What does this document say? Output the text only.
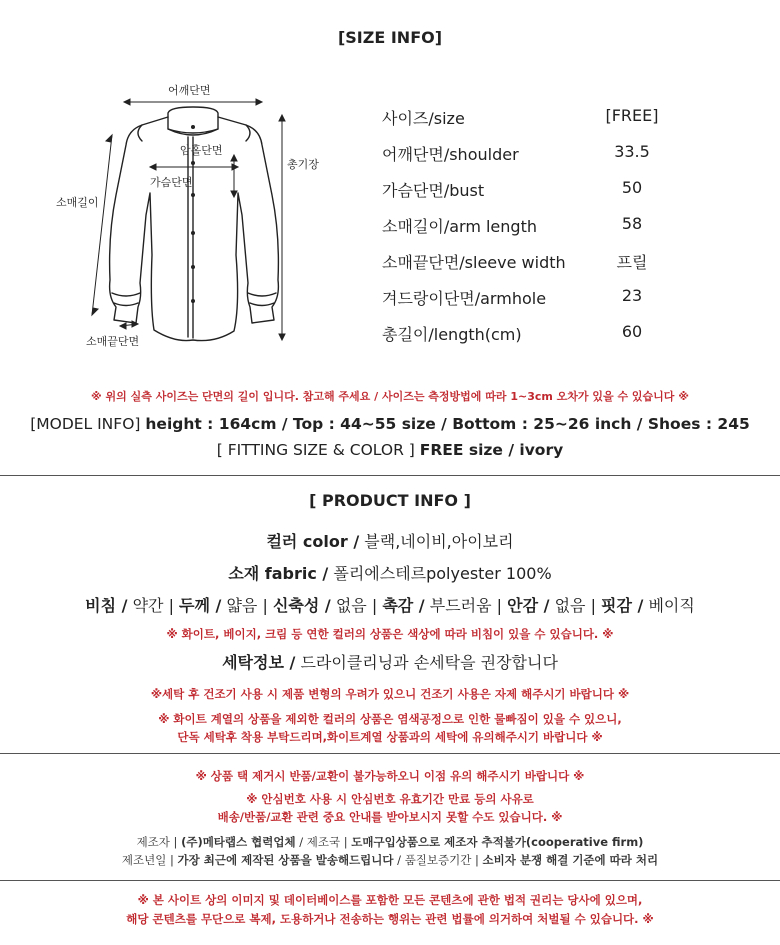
[SIZE INFO]
어깨단면
암홀단면
가슴단면
소매길이
총기장
소매끝단면
사이즈/size	[FREE]
어깨단면/shoulder	33.5
가슴단면/bust	50
소매길이/arm length	58
소매끝단면/sleeve width	프릴
겨드랑이단면/armhole	23
총길이/length(cm)	60
※ 위의 실측 사이즈는 단면의 길이 입니다. 참고해 주세요 / 사이즈는 측정방법에 따라 1~3cm 오차가 있을 수 있습니다 ※
[MODEL INFO] height : 164cm / Top : 44~55 size / Bottom : 25~26 inch / Shoes : 245
[ FITTING SIZE & COLOR ] FREE size / ivory
[ PRODUCT INFO ]
컬러 color / 블랙,네이비,아이보리
소재 fabric / 폴리에스테르polyester 100%
비침 / 약간 | 두께 / 얇음 | 신축성 / 없음 | 촉감 / 부드러움 | 안감 / 없음 | 핏감 / 베이직
※ 화이트, 베이지, 크림 등 연한 컬러의 상품은 색상에 따라 비침이 있을 수 있습니다. ※
세탁정보 / 드라이클리닝과 손세탁을 권장합니다
※세탁 후 건조기 사용 시 제품 변형의 우려가 있으니 건조기 사용은 자제 해주시기 바랍니다 ※
※ 화이트 계열의 상품을 제외한 컬러의 상품은 염색공정으로 인한 물빠짐이 있을 수 있으니,
단독 세탁후 착용 부탁드리며,화이트계열 상품과의 세탁에 유의해주시기 바랍니다 ※
※ 상품 택 제거시 반품/교환이 불가능하오니 이점 유의 해주시기 바랍니다 ※
※ 안심번호 사용 시 안심번호 유효기간 만료 등의 사유로
배송/반품/교환 관련 중요 안내를 받아보시지 못할 수도 있습니다. ※
제조자 | (주)메타랩스 협력업체 / 제조국 | 도매구입상품으로 제조자 추적불가(cooperative firm)
제조년일 | 가장 최근에 제작된 상품을 발송해드립니다 / 품질보증기간 | 소비자 분쟁 해결 기준에 따라 처리
※ 본 사이트 상의 이미지 및 데이터베이스를 포함한 모든 콘텐츠에 관한 법적 권리는 당사에 있으며,
해당 콘텐츠를 무단으로 복제, 도용하거나 전송하는 행위는 관련 법률에 의거하여 처벌될 수 있습니다. ※
